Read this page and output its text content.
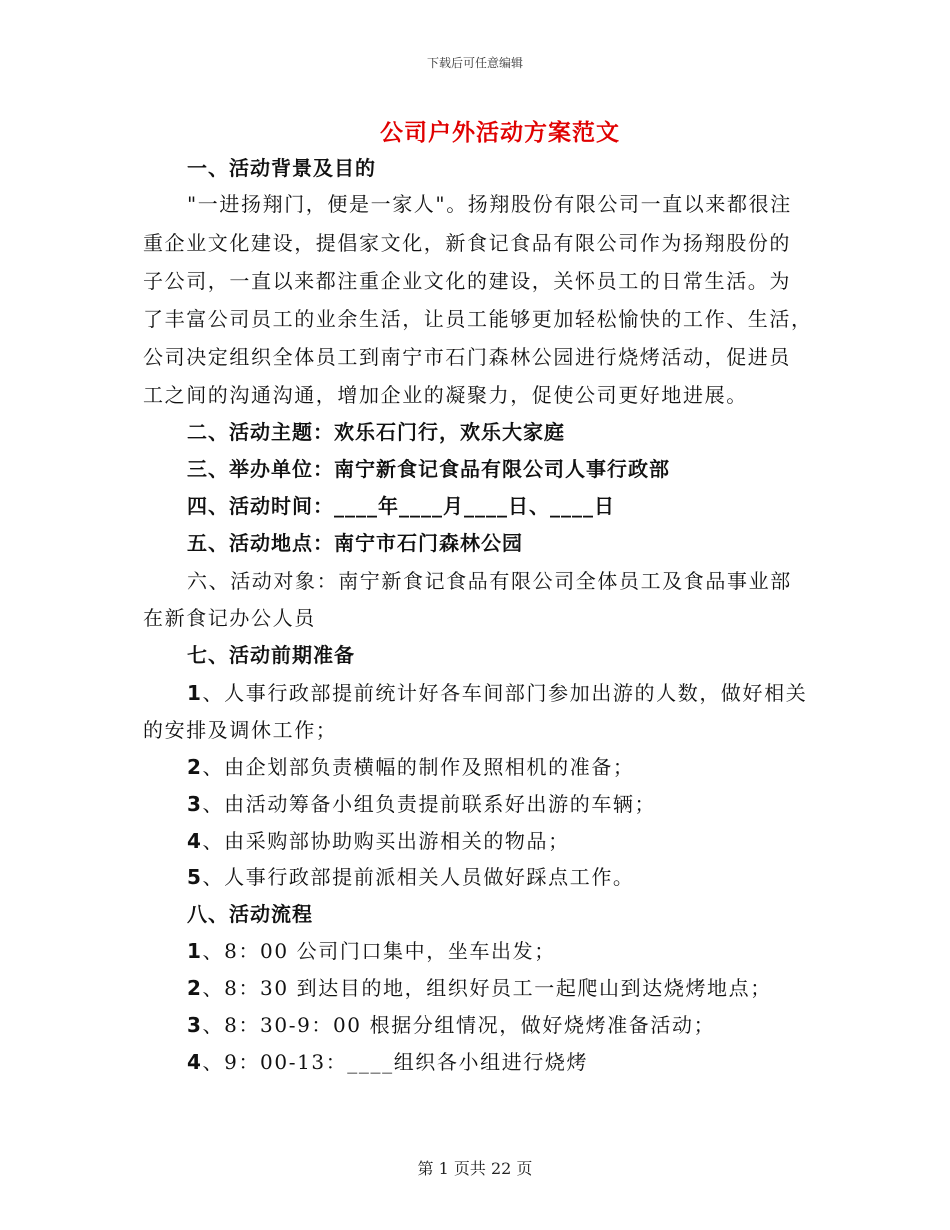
下载后可任意编辑
公司户外活动方案范文
一、活动背景及目的
"一进扬翔门，便是一家人"。扬翔股份有限公司一直以来都很注
重企业文化建设，提倡家文化，新食记食品有限公司作为扬翔股份的
子公司，一直以来都注重企业文化的建设，关怀员工的日常生活。为
了丰富公司员工的业余生活，让员工能够更加轻松愉快的工作、生活，
公司决定组织全体员工到南宁市石门森林公园进行烧烤活动，促进员
工之间的沟通沟通，增加企业的凝聚力，促使公司更好地进展。
二、活动主题：欢乐石门行，欢乐大家庭
三、举办单位：南宁新食记食品有限公司人事行政部
四、活动时间：____年____月____日、____日
五、活动地点：南宁市石门森林公园
六、活动对象：南宁新食记食品有限公司全体员工及食品事业部
在新食记办公人员
七、活动前期准备
1、人事行政部提前统计好各车间部门参加出游的人数，做好相关
的安排及调休工作；
2、由企划部负责横幅的制作及照相机的准备；
3、由活动筹备小组负责提前联系好出游的车辆；
4、由采购部协助购买出游相关的物品；
5、人事行政部提前派相关人员做好踩点工作。
八、活动流程
1、8：00 公司门口集中，坐车出发；
2、8：30 到达目的地，组织好员工一起爬山到达烧烤地点；
3、8：30-9：00 根据分组情况，做好烧烤准备活动；
4、9：00-13：____组织各小组进行烧烤
第 1 页共 22 页
